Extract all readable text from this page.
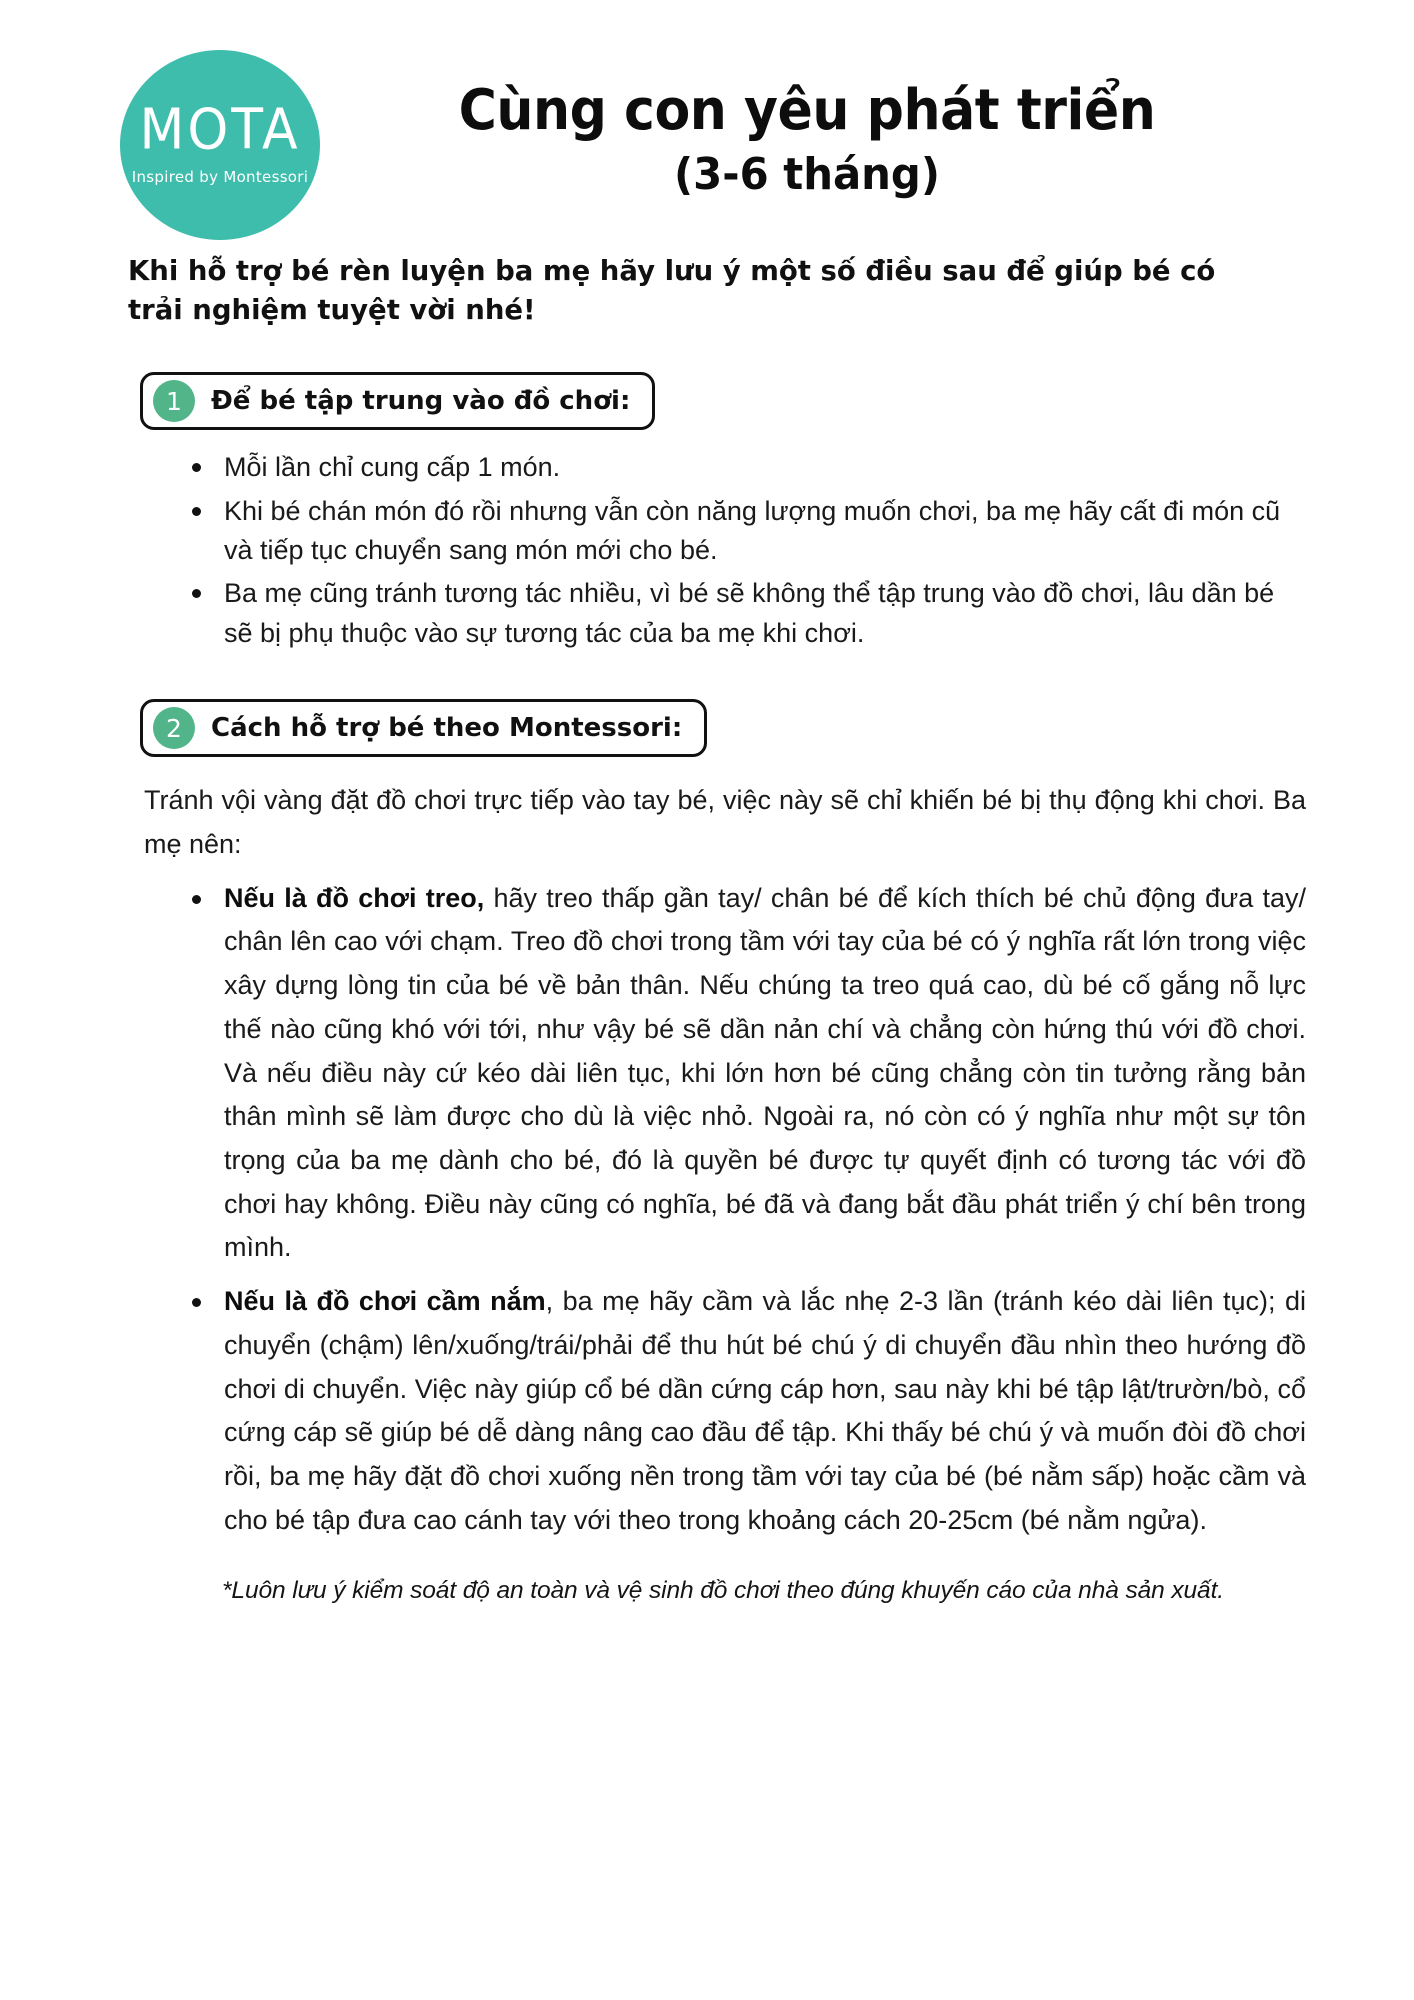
MOTA
Inspired by Montessori
Cùng con yêu phát triển
(3-6 tháng)
Khi hỗ trợ bé rèn luyện ba mẹ hãy lưu ý một số điều sau để giúp bé có trải nghiệm tuyệt vời nhé!
1	Để bé tập trung vào đồ chơi:
Mỗi lần chỉ cung cấp 1 món.
Khi bé chán món đó rồi nhưng vẫn còn năng lượng muốn chơi, ba mẹ hãy cất đi món cũ và tiếp tục chuyển sang món mới cho bé.
Ba mẹ cũng tránh tương tác nhiều, vì bé sẽ không thể tập trung vào đồ chơi, lâu dần bé sẽ bị phụ thuộc vào sự tương tác của ba mẹ khi chơi.
2	Cách hỗ trợ bé theo Montessori:
Tránh vội vàng đặt đồ chơi trực tiếp vào tay bé, việc này sẽ chỉ khiến bé bị thụ động khi chơi. Ba mẹ nên:
Nếu là đồ chơi treo, hãy treo thấp gần tay/ chân bé để kích thích bé chủ động đưa tay/ chân lên cao với chạm. Treo đồ chơi trong tầm với tay của bé có ý nghĩa rất lớn trong việc xây dựng lòng tin của bé về bản thân. Nếu chúng ta treo quá cao, dù bé cố gắng nỗ lực thế nào cũng khó với tới, như vậy bé sẽ dần nản chí và chẳng còn hứng thú với đồ chơi. Và nếu điều này cứ kéo dài liên tục, khi lớn hơn bé cũng chẳng còn tin tưởng rằng bản thân mình sẽ làm được cho dù là việc nhỏ. Ngoài ra, nó còn có ý nghĩa như một sự tôn trọng của ba mẹ dành cho bé, đó là quyền bé được tự quyết định có tương tác với đồ chơi hay không. Điều này cũng có nghĩa, bé đã và đang bắt đầu phát triển ý chí bên trong mình.
Nếu là đồ chơi cầm nắm, ba mẹ hãy cầm và lắc nhẹ 2-3 lần (tránh kéo dài liên tục); di chuyển (chậm) lên/xuống/trái/phải để thu hút bé chú ý di chuyển đầu nhìn theo hướng đồ chơi di chuyển. Việc này giúp cổ bé dần cứng cáp hơn, sau này khi bé tập lật/trườn/bò, cổ cứng cáp sẽ giúp bé dễ dàng nâng cao đầu để tập. Khi thấy bé chú ý và muốn đòi đồ chơi rồi, ba mẹ hãy đặt đồ chơi xuống nền trong tầm với tay của bé (bé nằm sấp) hoặc cầm và cho bé tập đưa cao cánh tay với theo trong khoảng cách 20-25cm (bé nằm ngửa).
*Luôn lưu ý kiểm soát độ an toàn và vệ sinh đồ chơi theo đúng khuyến cáo của nhà sản xuất.
